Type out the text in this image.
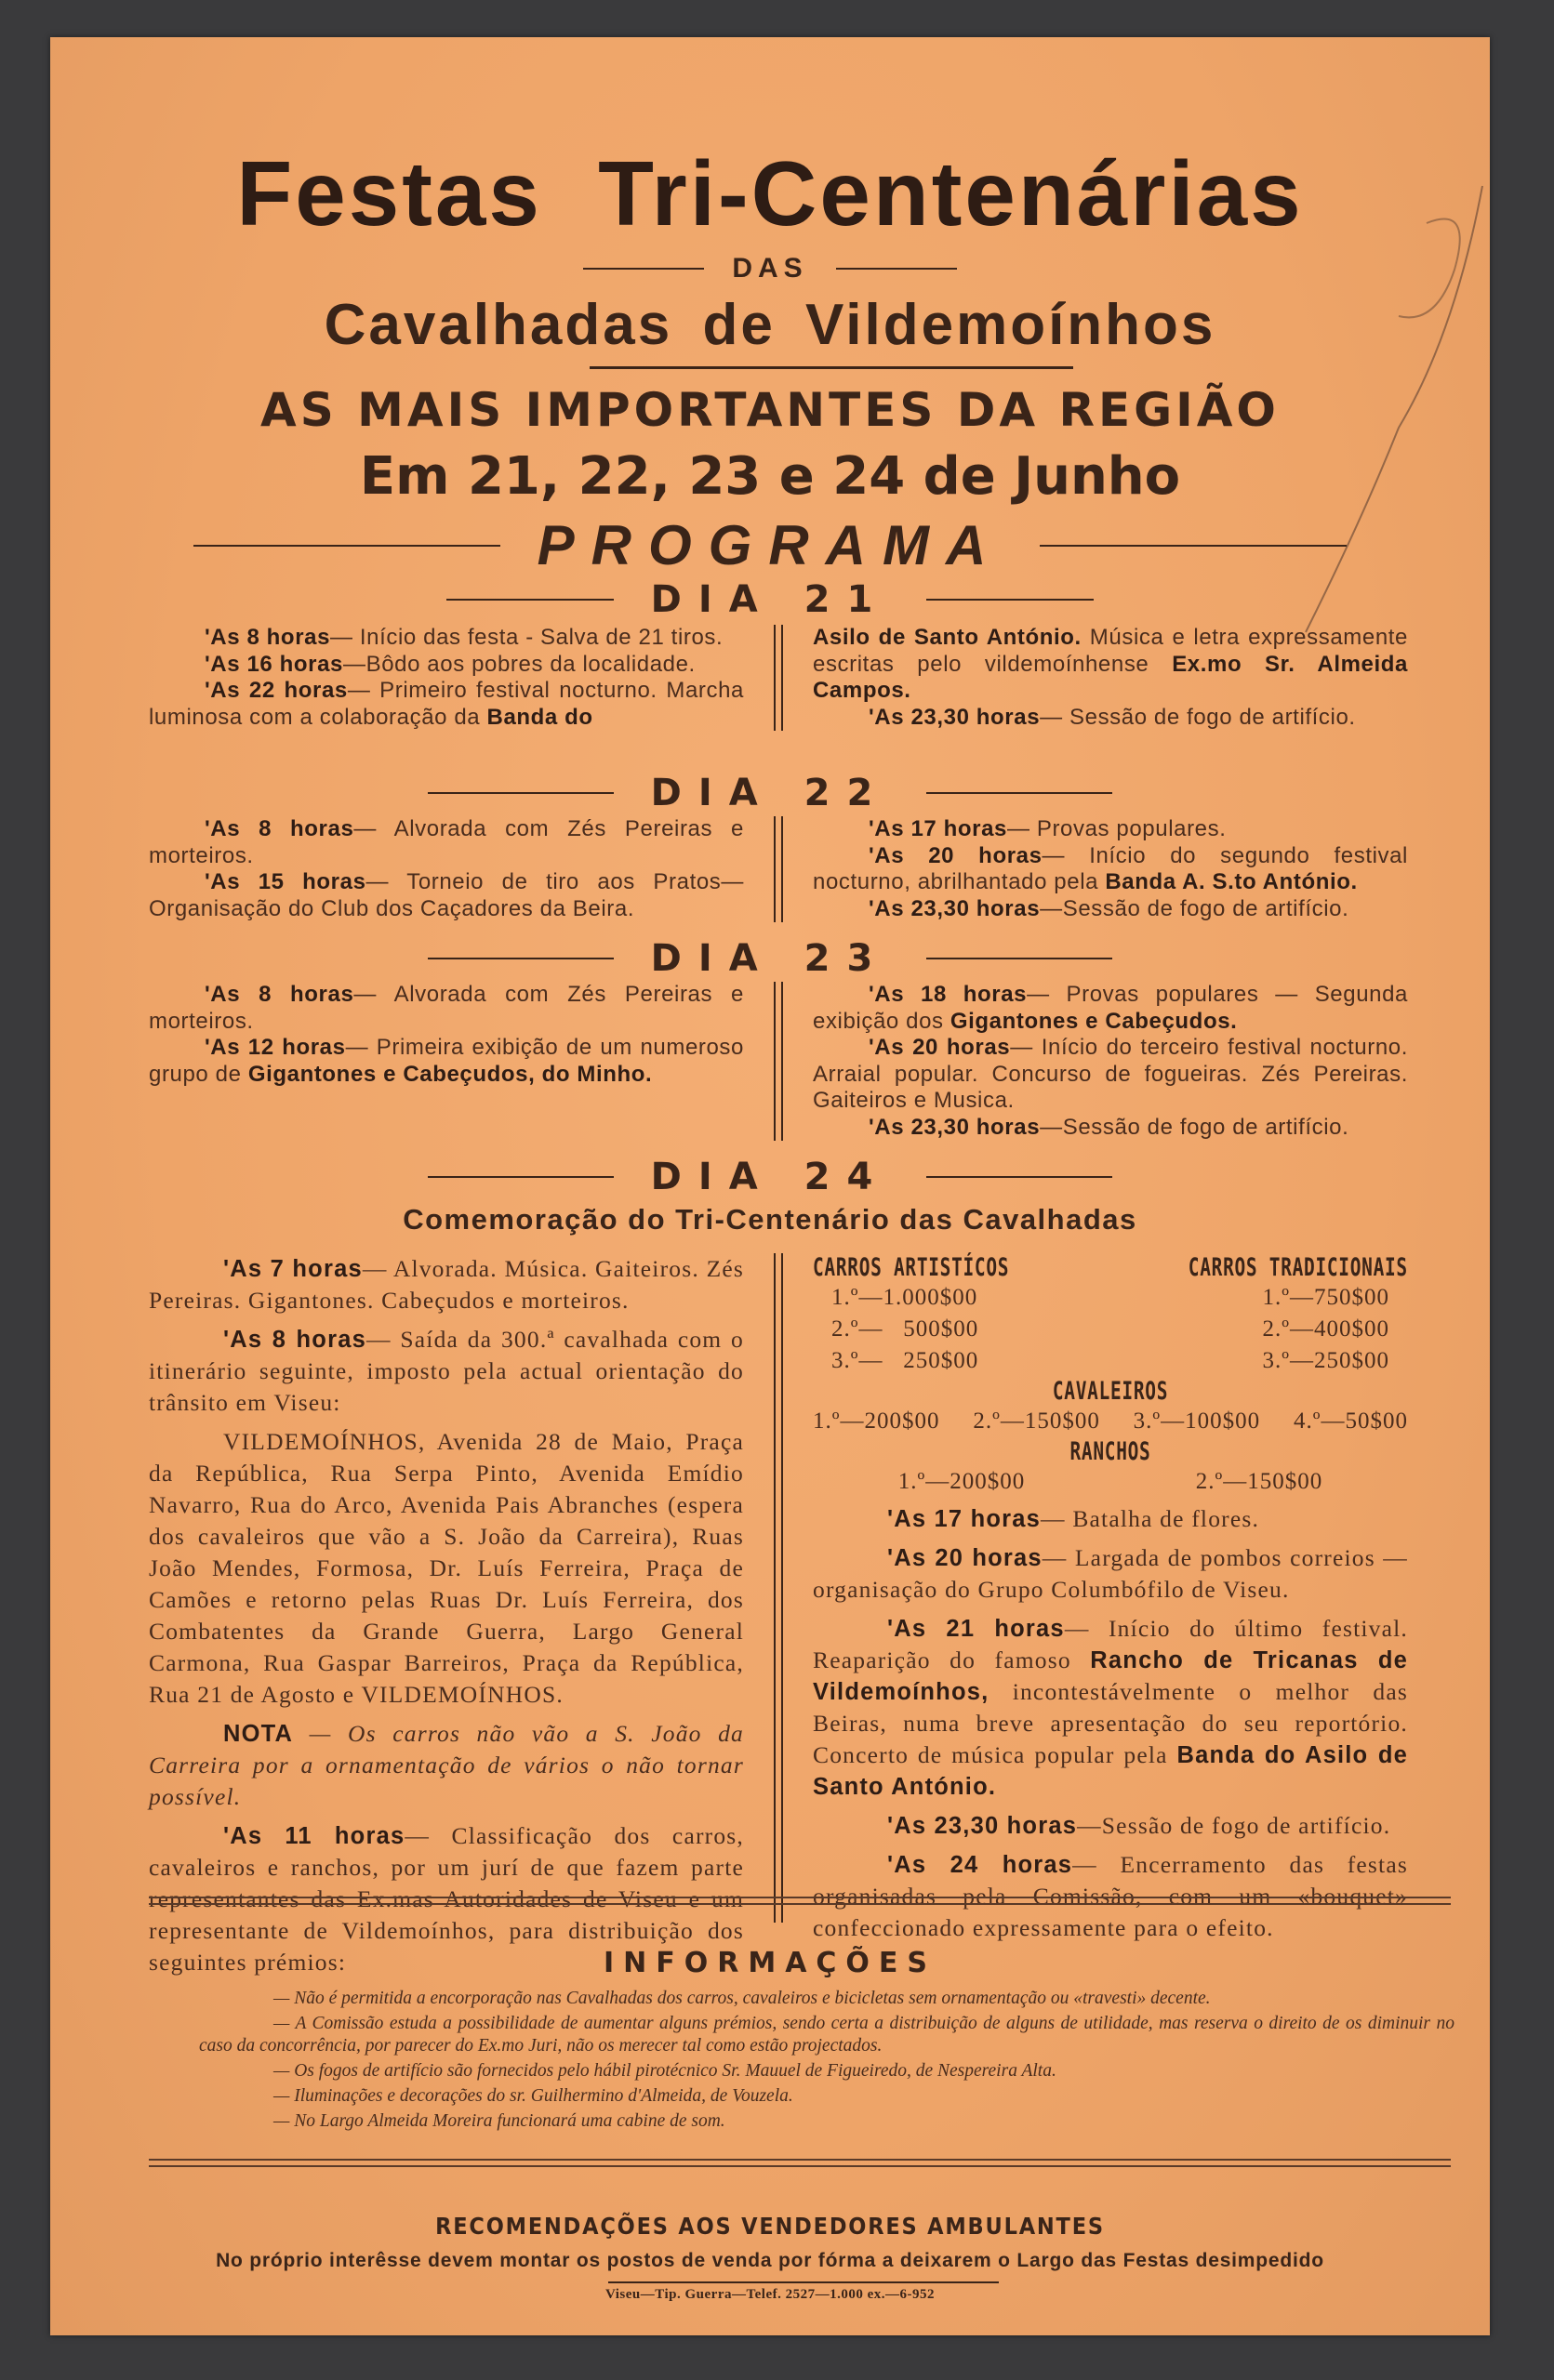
Festas Tri-Centenárias
DAS
Cavalhadas de Vildemoínhos
AS MAIS IMPORTANTES DA REGIÃO
Em 21, 22, 23 e 24 de Junho
PROGRAMA
DIA 21

'As 8 horas— Início das festa - Salva de 21 tiros.

'As 16 horas—Bôdo aos pobres da localidade.

'As 22 horas— Primeiro festival nocturno. Marcha luminosa com a colaboração da Banda do

Asilo de Santo António. Música e letra expressamente escritas pelo vildemoínhense Ex.mo Sr. Almeida Campos.

'As 23,30 horas— Sessão de fogo de artifício.

DIA 22

'As 8 horas— Alvorada com Zés Pereiras e morteiros.

'As 15 horas— Torneio de tiro aos Pratos— Organisação do Club dos Caçadores da Beira.

'As 17 horas— Provas populares.

'As 20 horas— Início do segundo festival nocturno, abrilhantado pela Banda A. S.to António.

'As 23,30 horas—Sessão de fogo de artifício.

DIA 23

'As 8 horas— Alvorada com Zés Pereiras e morteiros.

'As 12 horas— Primeira exibição de um numeroso grupo de Gigantones e Cabeçudos, do Minho.

'As 18 horas— Provas populares — Segunda exibição dos Gigantones e Cabeçudos.

'As 20 horas— Início do terceiro festival nocturno. Arraial popular. Concurso de fogueiras. Zés Pereiras. Gaiteiros e Musica.

'As 23,30 horas—Sessão de fogo de artifício.

DIA 24
Comemoração do Tri-Centenário das Cavalhadas

'As 7 horas— Alvorada. Música. Gaiteiros. Zés Pereiras. Gigantones. Cabeçudos e morteiros.

'As 8 horas— Saída da 300.ª cavalhada com o itinerário seguinte, imposto pela actual orientação do trânsito em Viseu:

VILDEMOÍNHOS, Avenida 28 de Maio, Praça da República, Rua Serpa Pinto, Avenida Emídio Navarro, Rua do Arco, Avenida Pais Abranches (espera dos cavaleiros que vão a S. João da Carreira), Ruas João Mendes, Formosa, Dr. Luís Ferreira, Praça de Camões e retorno pelas Ruas Dr. Luís Ferreira, dos Combatentes da Grande Guerra, Largo General Carmona, Rua Gaspar Barreiros, Praça da República, Rua 21 de Agosto e VILDEMOÍNHOS.

NOTA — Os carros não vão a S. João da Carreira por a ornamentação de vários o não tornar possível.

'As 11 horas— Classificação dos carros, cavaleiros e ranchos, por um jurí de que fazem parte representantes das Ex.mas Autoridades de Viseu e um representante de Vildemoínhos, para distribuição dos seguintes prémios:

CARROS ARTISTÍCOS
1.º—1.000$00
2.º—   500$00
3.º—   250$00
CARROS TRADICIONAIS
1.º—750$00
2.º—400$00
3.º—250$00
CAVALEIROS
1.º—200$00 2.º—150$00 3.º—100$00 4.º—50$00
RANCHOS
1.º—200$00	2.º—150$00

'As 17 horas— Batalha de flores.

'As 20 horas— Largada de pombos correios —organisação do Grupo Columbófilo de Viseu.

'As 21 horas— Início do último festival. Reaparição do famoso Rancho de Tricanas de Vildemoínhos, incontestávelmente o melhor das Beiras, numa breve apresentação do seu reportório. Concerto de música popular pela Banda do Asilo de Santo António.

'As 23,30 horas—Sessão de fogo de artifício.

'As 24 horas— Encerramento das festas organisadas pela Comissão, com um «bouquet» confeccionado expressamente para o efeito.

INFORMAÇÕES

— Não é permitida a encorporação nas Cavalhadas dos carros, cavaleiros e bicicletas sem ornamentação ou «travesti» decente.

— A Comissão estuda a possibilidade de aumentar alguns prémios, sendo certa a distribuição de alguns de utilidade, mas reserva o direito de os diminuir no caso da concorrência, por parecer do Ex.mo Juri, não os merecer tal como estão projectados.

— Os fogos de artifício são fornecidos pelo hábil pirotécnico Sr. Mauuel de Figueiredo, de Nespereira Alta.

— Iluminações e decorações do sr. Guilhermino d'Almeida, de Vouzela.

— No Largo Almeida Moreira funcionará uma cabine de som.

RECOMENDAÇÕES AOS VENDEDORES AMBULANTES
No próprio interêsse devem montar os postos de venda por fórma a deixarem o Largo das Festas desimpedido
Viseu—Tip. Guerra—Telef. 2527—1.000 ex.—6-952
